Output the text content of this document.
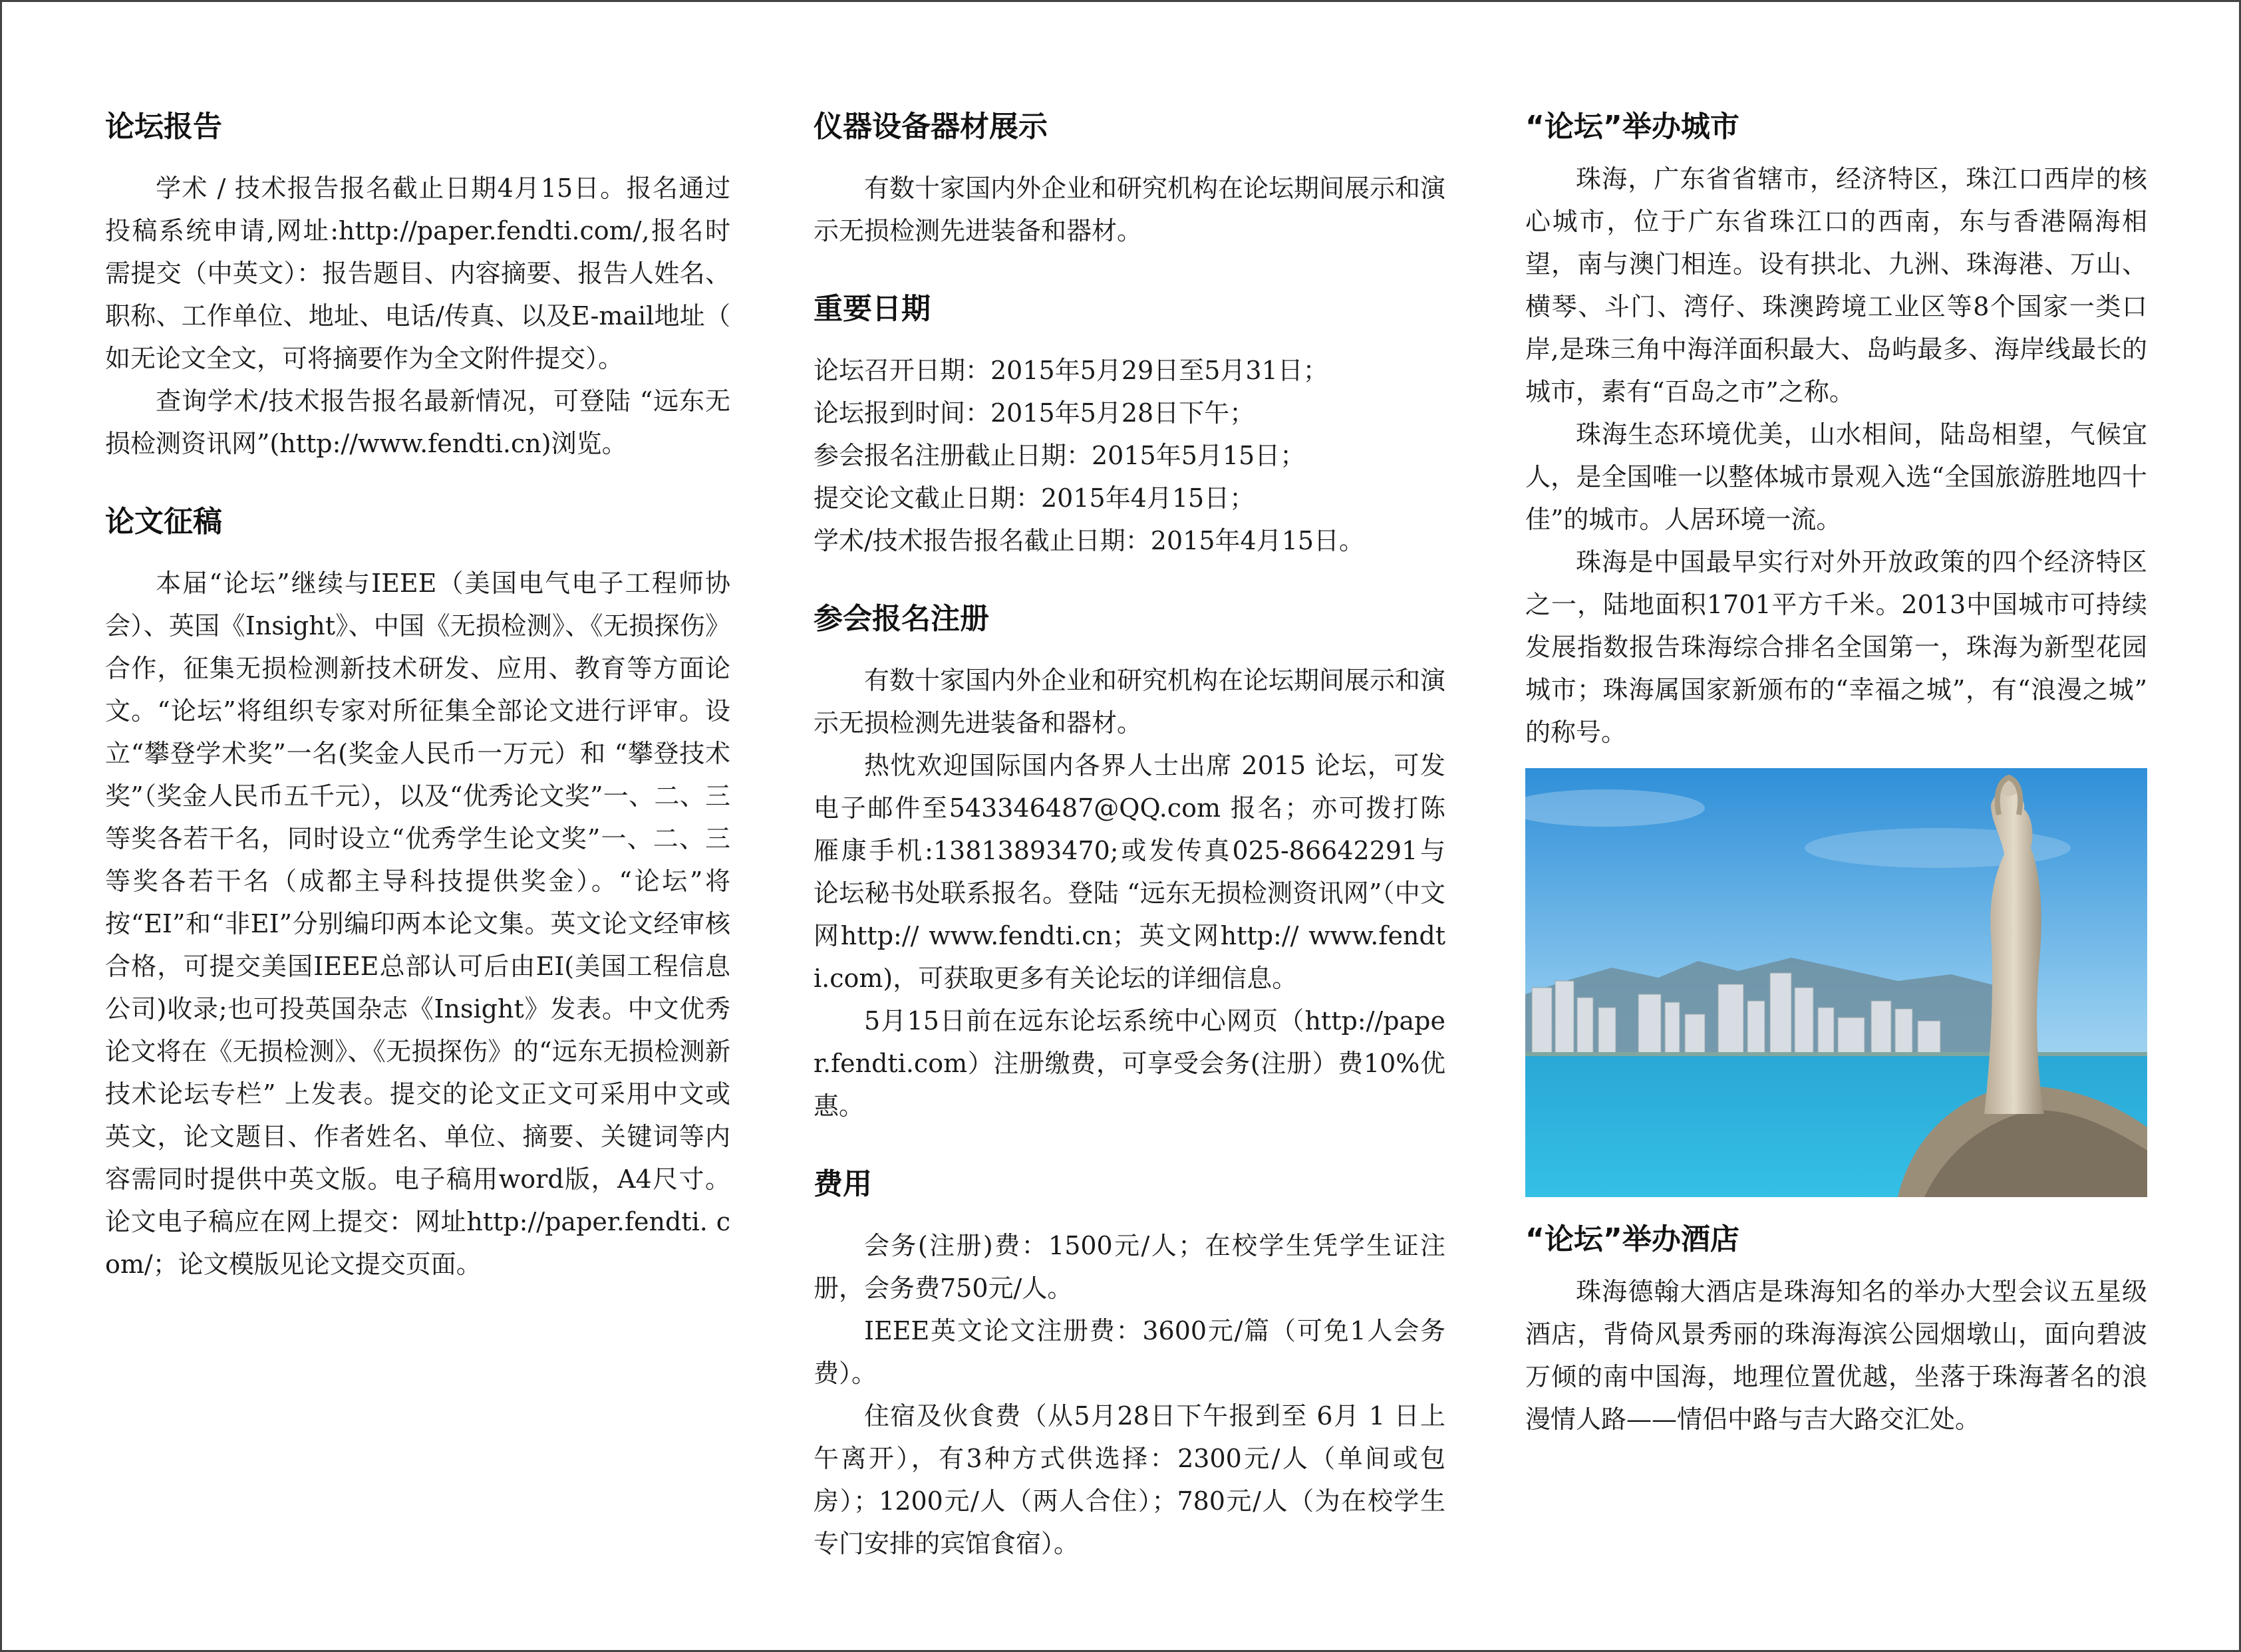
论坛报告

学术 / 技术报告报名截止日期4月15日。报名通过投稿系统申请,网址:http://paper.fendti.com/,报名时需提交（中英文）：报告题目、内容摘要、报告人姓名、职称、工作单位、地址、电话/传真、以及E-mail地址（ 如无论文全文，可将摘要作为全文附件提交）。

查询学术/技术报告报名最新情况，可登陆 “远东无损检测资讯网”(http://www.fendti.cn)浏览。

论文征稿

本届“论坛”继续与IEEE（美国电气电子工程师协会）、英国《Insight》、中国《无损检测》、《无损探伤》合作，征集无损检测新技术研发、应用、教育等方面论文。“论坛”将组织专家对所征集全部论文进行评审。设立“攀登学术奖”一名(奖金人民币一万元）和 “攀登技术奖”（奖金人民币五千元），以及“优秀论文奖”一、二、三等奖各若干名，同时设立“优秀学生论文奖”一、二、三等奖各若干名（成都主导科技提供奖金）。“论坛”将按“EI”和“非EI”分别编印两本论文集。英文论文经审核合格，可提交美国IEEE总部认可后由EI(美国工程信息公司)收录;也可投英国杂志《Insight》发表。中文优秀论文将在《无损检测》、《无损探伤》的“远东无损检测新技术论坛专栏” 上发表。提交的论文正文可采用中文或英文，论文题目、作者姓名、单位、摘要、关键词等内容需同时提供中英文版。电子稿用word版，A4尺寸。论文电子稿应在网上提交：网址http://paper.fendti. com/；论文模版见论文提交页面。

仪器设备器材展示

有数十家国内外企业和研究机构在论坛期间展示和演示无损检测先进装备和器材。

重要日期

论坛召开日期：2015年5月29日至5月31日；

论坛报到时间：2015年5月28日下午；

参会报名注册截止日期：2015年5月15日；

提交论文截止日期：2015年4月15日；

学术/技术报告报名截止日期：2015年4月15日。

参会报名注册

有数十家国内外企业和研究机构在论坛期间展示和演示无损检测先进装备和器材。

热忱欢迎国际国内各界人士出席 2015 论坛，可发电子邮件至543346487@QQ.com 报名；亦可拨打陈雁康手机:13813893470;或发传真025-86642291与论坛秘书处联系报名。登陆 “远东无损检测资讯网”（中文网http:// www.fendti.cn；英文网http:// www.fendti.com)，可获取更多有关论坛的详细信息。

5月15日前在远东论坛系统中心网页（http://paper.fendti.com）注册缴费，可享受会务(注册）费10%优惠。

费用

会务(注册)费：1500元/人；在校学生凭学生证注册，会务费750元/人。

IEEE英文论文注册费：3600元/篇（可免1人会务费）。

住宿及伙食费（从5月28日下午报到至 6月 1 日上午离开），有3种方式供选择：2300元/人（单间或包房）；1200元/人（两人合住）；780元/人（为在校学生专门安排的宾馆食宿）。

“论坛”举办城市

珠海，广东省省辖市，经济特区，珠江口西岸的核心城市，位于广东省珠江口的西南，东与香港隔海相望，南与澳门相连。设有拱北、九洲、珠海港、万山、横琴、斗门、湾仔、珠澳跨境工业区等8个国家一类口岸,是珠三角中海洋面积最大、岛屿最多、海岸线最长的城市，素有“百岛之市”之称。

珠海生态环境优美，山水相间，陆岛相望，气候宜人，是全国唯一以整体城市景观入选“全国旅游胜地四十佳”的城市。人居环境一流。

珠海是中国最早实行对外开放政策的四个经济特区之一，陆地面积1701平方千米。2013中国城市可持续发展指数报告珠海综合排名全国第一，珠海为新型花园城市；珠海属国家新颁布的“幸福之城”，有“浪漫之城” 的称号。

“论坛”举办酒店

珠海德翰大酒店是珠海知名的举办大型会议五星级酒店，背倚风景秀丽的珠海海滨公园烟墩山，面向碧波万倾的南中国海，地理位置优越，坐落于珠海著名的浪漫情人路——情侣中路与吉大路交汇处。
